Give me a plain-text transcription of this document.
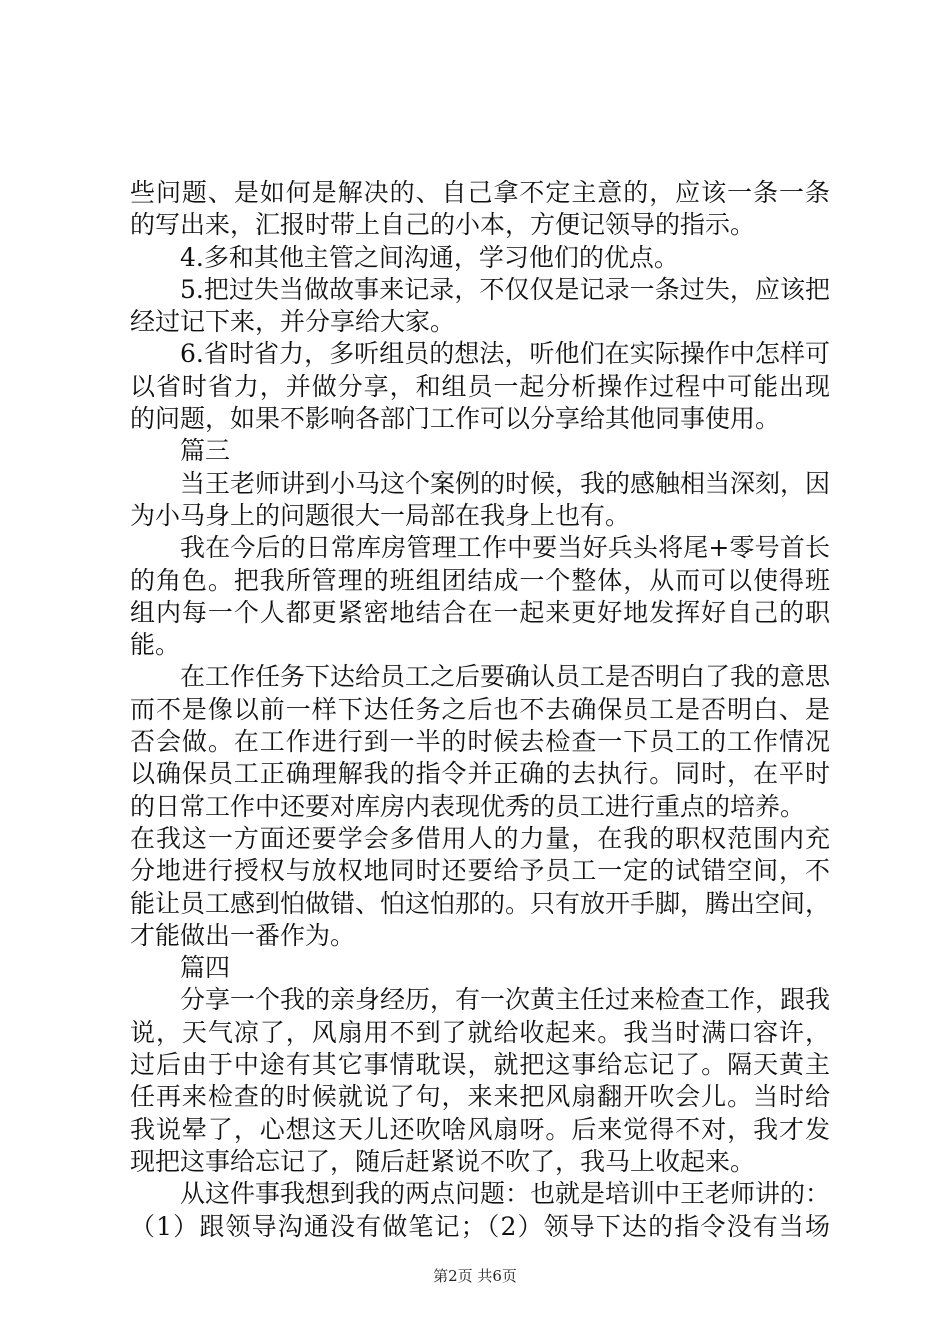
些问题、是如何是解决的、自己拿不定主意的，应该一条一条
的写出来，汇报时带上自己的小本，方便记领导的指示。
4.多和其他主管之间沟通，学习他们的优点。
5.把过失当做故事来记录，不仅仅是记录一条过失，应该把
经过记下来，并分享给大家。
6.省时省力，多听组员的想法，听他们在实际操作中怎样可
以省时省力，并做分享，和组员一起分析操作过程中可能出现
的问题，如果不影响各部门工作可以分享给其他同事使用。
篇三
当王老师讲到小马这个案例的时候，我的感触相当深刻，因
为小马身上的问题很大一局部在我身上也有。
我在今后的日常库房管理工作中要当好兵头将尾+零号首长
的角色。把我所管理的班组团结成一个整体，从而可以使得班
组内每一个人都更紧密地结合在一起来更好地发挥好自己的职
能。
在工作任务下达给员工之后要确认员工是否明白了我的意思
而不是像以前一样下达任务之后也不去确保员工是否明白、是
否会做。在工作进行到一半的时候去检查一下员工的工作情况
以确保员工正确理解我的指令并正确的去执行。同时，在平时
的日常工作中还要对库房内表现优秀的员工进行重点的培养。
在我这一方面还要学会多借用人的力量，在我的职权范围内充
分地进行授权与放权地同时还要给予员工一定的试错空间，不
能让员工感到怕做错、怕这怕那的。只有放开手脚，腾出空间，
才能做出一番作为。
篇四
分享一个我的亲身经历，有一次黄主任过来检查工作，跟我
说，天气凉了，风扇用不到了就给收起来。我当时满口容许，
过后由于中途有其它事情耽误，就把这事给忘记了。隔天黄主
任再来检查的时候就说了句，来来把风扇翻开吹会儿。当时给
我说晕了，心想这天儿还吹啥风扇呀。后来觉得不对，我才发
现把这事给忘记了，随后赶紧说不吹了，我马上收起来。
从这件事我想到我的两点问题：也就是培训中王老师讲的：
（1）跟领导沟通没有做笔记；（2）领导下达的指令没有当场
第2页 共6页
